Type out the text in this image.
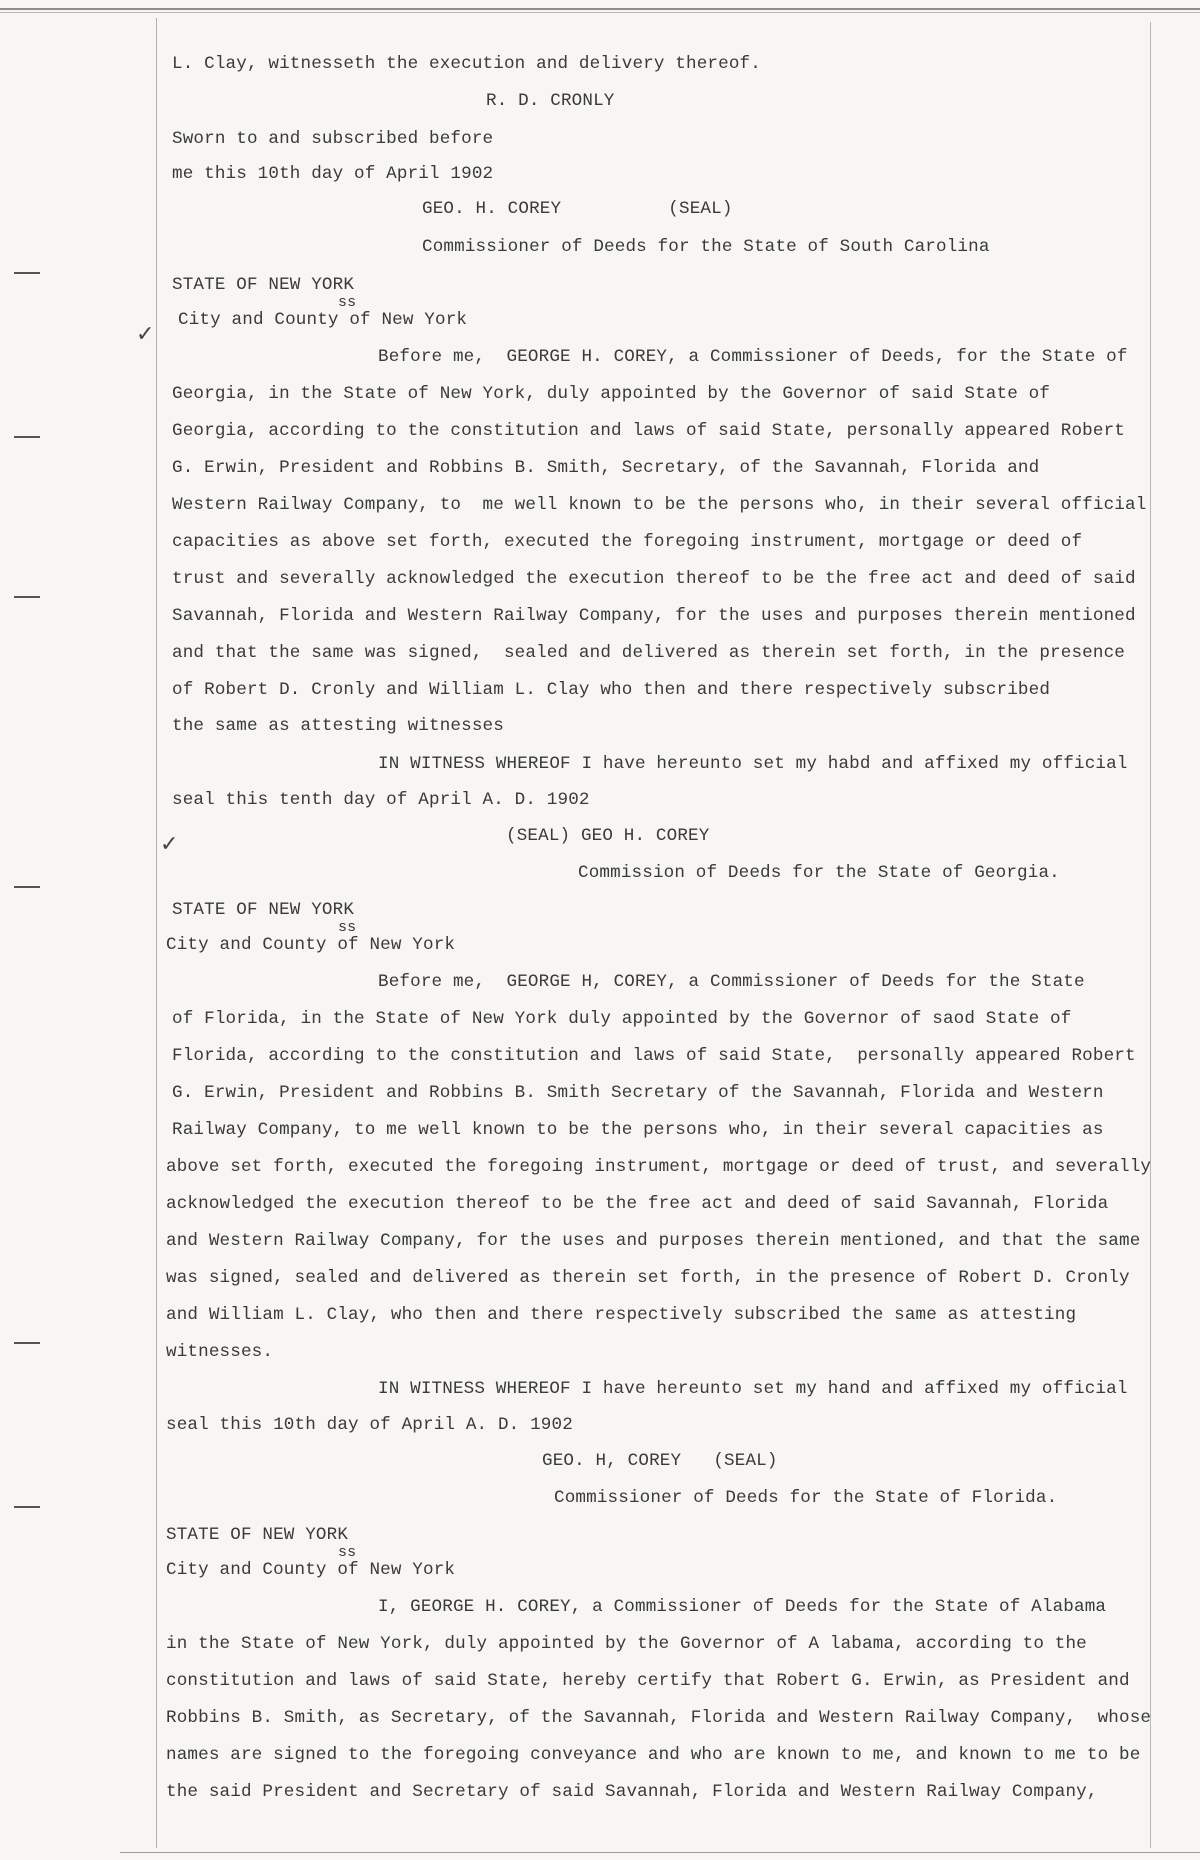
✓
✓
L. Clay, witnesseth the execution and delivery thereof.
R. D. CRONLY
Sworn to and subscribed before
me this 10th day of April 1902
GEO. H. COREY          (SEAL)
Commissioner of Deeds for the State of South Carolina
STATE OF NEW YORK
ss
City and County of New York
Before me,  GEORGE H. COREY, a Commissioner of Deeds, for the State of
Georgia, in the State of New York, duly appointed by the Governor of said State of
Georgia, according to the constitution and laws of said State, personally appeared Robert
G. Erwin, President and Robbins B. Smith, Secretary, of the Savannah, Florida and
Western Railway Company, to  me well known to be the persons who, in their several official
capacities as above set forth, executed the foregoing instrument, mortgage or deed of
trust and severally acknowledged the execution thereof to be the free act and deed of said
Savannah, Florida and Western Railway Company, for the uses and purposes therein mentioned
and that the same was signed,  sealed and delivered as therein set forth, in the presence
of Robert D. Cronly and William L. Clay who then and there respectively subscribed
the same as attesting witnesses
IN WITNESS WHEREOF I have hereunto set my habd and affixed my official
seal this tenth day of April A. D. 1902
(SEAL) GEO H. COREY
Commission of Deeds for the State of Georgia.
STATE OF NEW YORK
ss
City and County of New York
Before me,  GEORGE H, COREY, a Commissioner of Deeds for the State
of Florida, in the State of New York duly appointed by the Governor of saod State of
Florida, according to the constitution and laws of said State,  personally appeared Robert
G. Erwin, President and Robbins B. Smith Secretary of the Savannah, Florida and Western
Railway Company, to me well known to be the persons who, in their several capacities as
above set forth, executed the foregoing instrument, mortgage or deed of trust, and severally
acknowledged the execution thereof to be the free act and deed of said Savannah, Florida
and Western Railway Company, for the uses and purposes therein mentioned, and that the same
was signed, sealed and delivered as therein set forth, in the presence of Robert D. Cronly
and William L. Clay, who then and there respectively subscribed the same as attesting
witnesses.
IN WITNESS WHEREOF I have hereunto set my hand and affixed my official
seal this 10th day of April A. D. 1902
GEO. H, COREY   (SEAL)
Commissioner of Deeds for the State of Florida.
STATE OF NEW YORK
ss
City and County of New York
I, GEORGE H. COREY, a Commissioner of Deeds for the State of Alabama
in the State of New York, duly appointed by the Governor of A labama, according to the
constitution and laws of said State, hereby certify that Robert G. Erwin, as President and
Robbins B. Smith, as Secretary, of the Savannah, Florida and Western Railway Company,  whose
names are signed to the foregoing conveyance and who are known to me, and known to me to be
the said President and Secretary of said Savannah, Florida and Western Railway Company,
